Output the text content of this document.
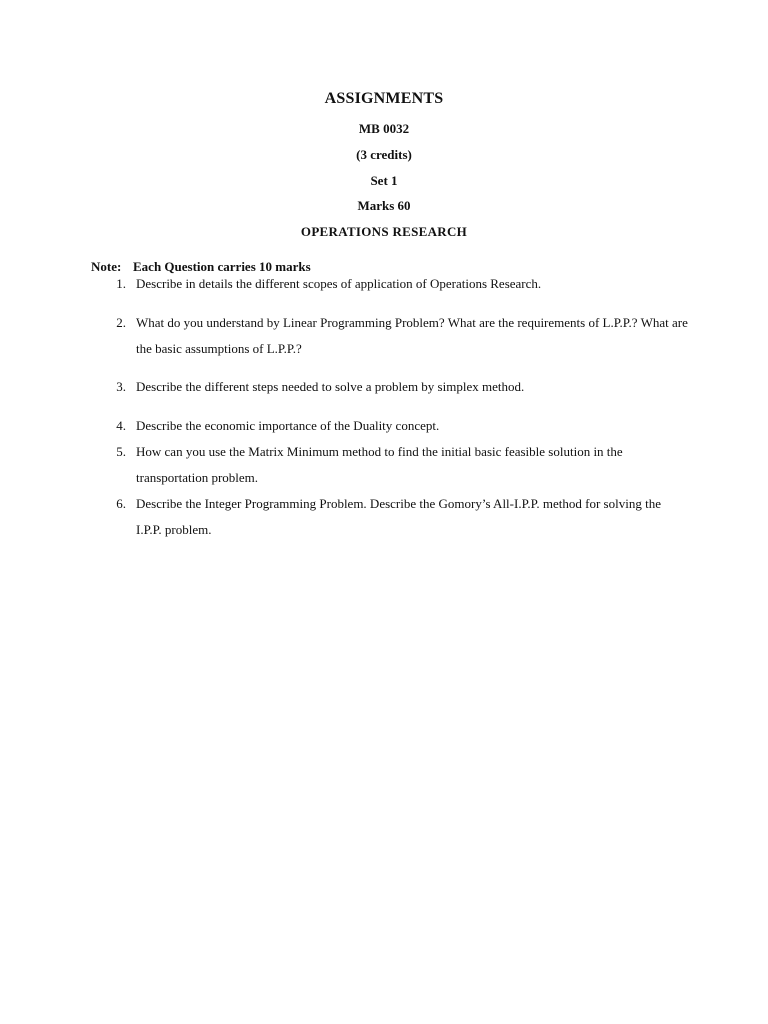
ASSIGNMENTS
MB 0032
(3 credits)
Set 1
Marks 60
OPERATIONS RESEARCH
Note: Each Question carries 10 marks
1. Describe in details the different scopes of application of Operations Research.
2. What do you understand by Linear Programming Problem? What are the requirements of L.P.P.? What are the basic assumptions of L.P.P.?
3. Describe the different steps needed to solve a problem by simplex method.
4. Describe the economic importance of the Duality concept.
5. How can you use the Matrix Minimum method to find the initial basic feasible solution in the transportation problem.
6. Describe the Integer Programming Problem. Describe the Gomory’s All-I.P.P. method for solving the I.P.P. problem.
